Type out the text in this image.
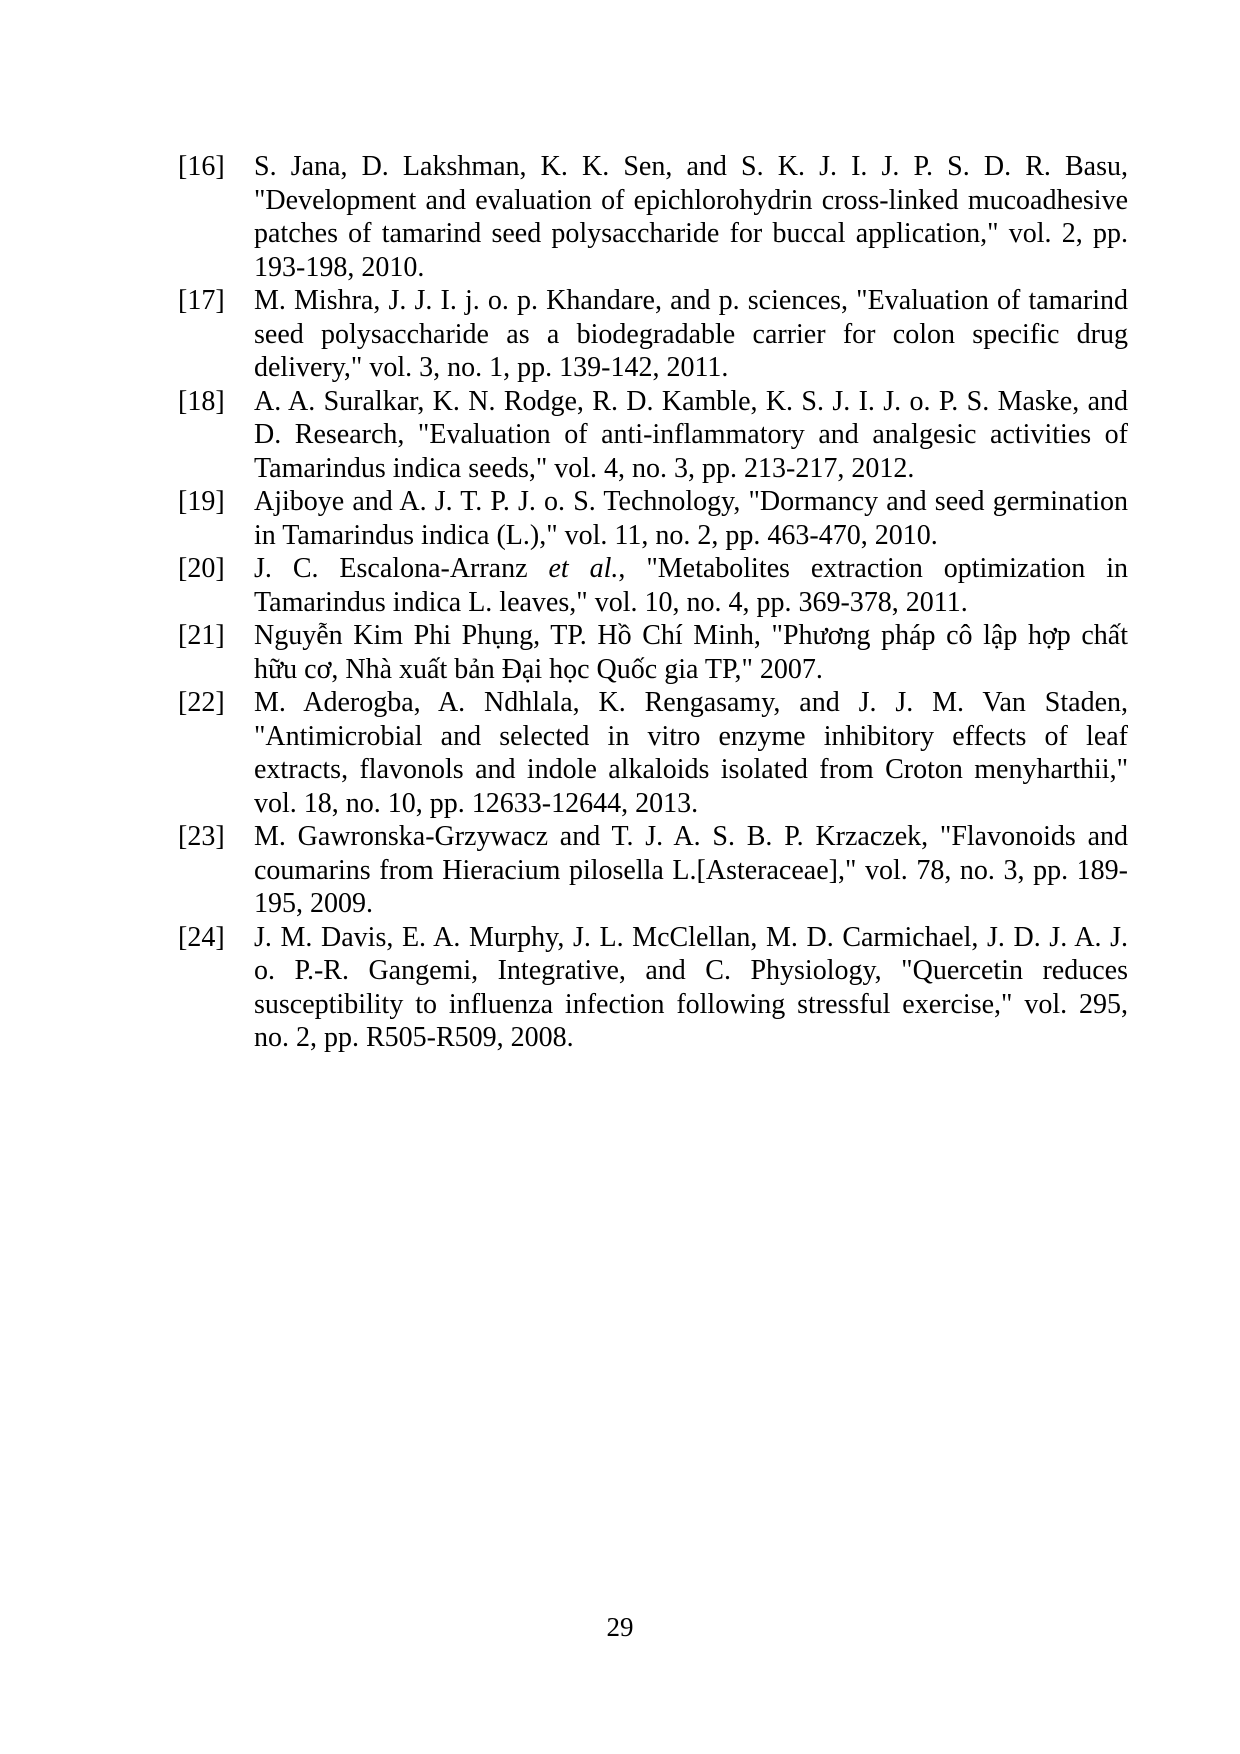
[16]	S. Jana, D. Lakshman, K. K. Sen, and S. K. J. I. J. P. S. D. R. Basu, "Development and evaluation of epichlorohydrin cross-linked mucoadhesive patches of tamarind seed polysaccharide for buccal application," vol. 2, pp. 193-198, 2010.
[17]	M. Mishra, J. J. I. j. o. p. Khandare, and p. sciences, "Evaluation of tamarind seed polysaccharide as a biodegradable carrier for colon specific drug delivery," vol. 3, no. 1, pp. 139-142, 2011.
[18]	A. A. Suralkar, K. N. Rodge, R. D. Kamble, K. S. J. I. J. o. P. S. Maske, and D. Research, "Evaluation of anti-inflammatory and analgesic activities of Tamarindus indica seeds," vol. 4, no. 3, pp. 213-217, 2012.
[19]	Ajiboye and A. J. T. P. J. o. S. Technology, "Dormancy and seed germination in Tamarindus indica (L.)," vol. 11, no. 2, pp. 463-470, 2010.
[20]	J. C. Escalona-Arranz et al., "Metabolites extraction optimization in Tamarindus indica L. leaves," vol. 10, no. 4, pp. 369-378, 2011.
[21]	Nguyễn Kim Phi Phụng, TP. Hồ Chí Minh, "Phương pháp cô lập hợp chất hữu cơ, Nhà xuất bản Đại học Quốc gia TP," 2007.
[22]	M. Aderogba, A. Ndhlala, K. Rengasamy, and J. J. M. Van Staden, "Antimicrobial and selected in vitro enzyme inhibitory effects of leaf extracts, flavonols and indole alkaloids isolated from Croton menyharthii," vol. 18, no. 10, pp. 12633-12644, 2013.
[23]	M. Gawronska-Grzywacz and T. J. A. S. B. P. Krzaczek, "Flavonoids and coumarins from Hieracium pilosella L.[Asteraceae]," vol. 78, no. 3, pp. 189-195, 2009.
[24]	J. M. Davis, E. A. Murphy, J. L. McClellan, M. D. Carmichael, J. D. J. A. J. o. P.-R. Gangemi, Integrative, and C. Physiology, "Quercetin reduces susceptibility to influenza infection following stressful exercise," vol. 295, no. 2, pp. R505-R509, 2008.
29
